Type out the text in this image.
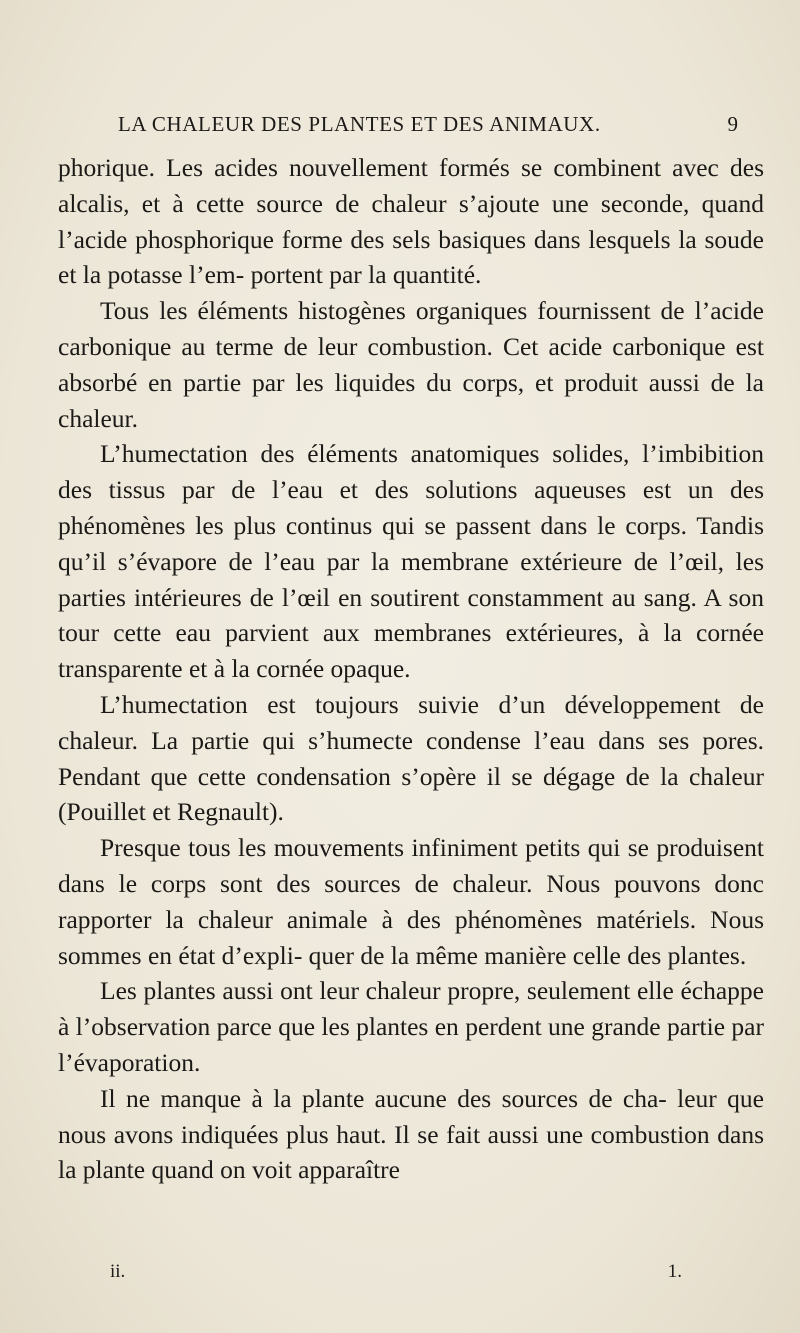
LA CHALEUR DES PLANTES ET DES ANIMAUX.	9

phorique. Les acides nouvellement formés se combinent avec des alcalis, et à cette source de chaleur s’ajoute une seconde, quand l’acide phosphorique forme des sels basiques dans lesquels la soude et la potasse l’em- portent par la quantité.

Tous les éléments histogènes organiques fournissent de l’acide carbonique au terme de leur combustion. Cet acide carbonique est absorbé en partie par les liquides du corps, et produit aussi de la chaleur.

L’humectation des éléments anatomiques solides, l’imbibition des tissus par de l’eau et des solutions aqueuses est un des phénomènes les plus continus qui se passent dans le corps. Tandis qu’il s’évapore de l’eau par la membrane extérieure de l’œil, les parties intérieures de l’œil en soutirent constamment au sang. A son tour cette eau parvient aux membranes extérieures, à la cornée transparente et à la cornée opaque.

L’humectation est toujours suivie d’un développement de chaleur. La partie qui s’humecte condense l’eau dans ses pores. Pendant que cette condensation s’opère il se dégage de la chaleur (Pouillet et Regnault).

Presque tous les mouvements infiniment petits qui se produisent dans le corps sont des sources de chaleur. Nous pouvons donc rapporter la chaleur animale à des phénomènes matériels. Nous sommes en état d’expli- quer de la même manière celle des plantes.

Les plantes aussi ont leur chaleur propre, seulement elle échappe à l’observation parce que les plantes en perdent une grande partie par l’évaporation.

Il ne manque à la plante aucune des sources de cha- leur que nous avons indiquées plus haut. Il se fait aussi une combustion dans la plante quand on voit apparaître

ii.	1.
